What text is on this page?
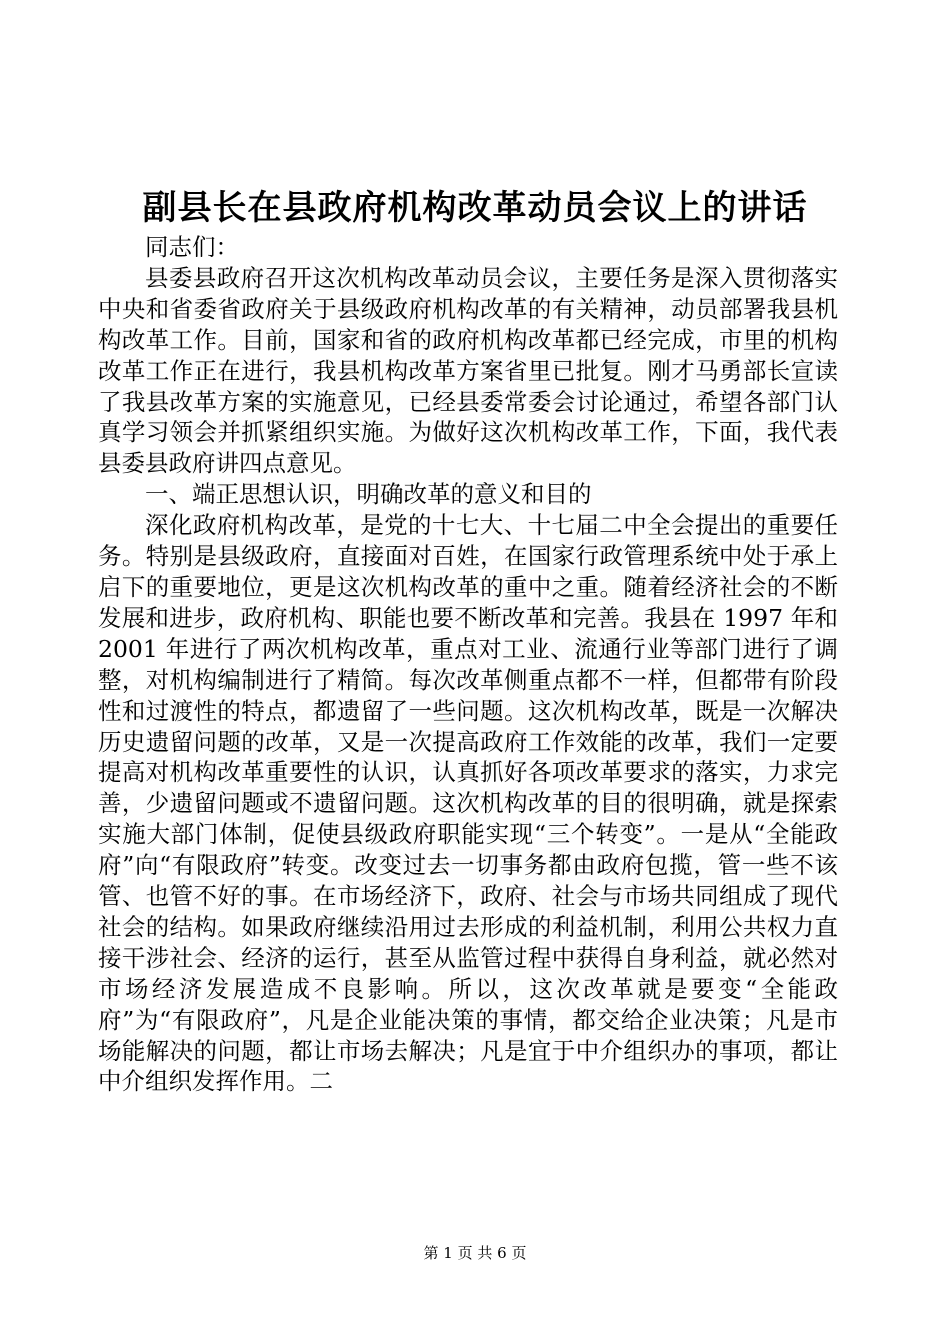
副县长在县政府机构改革动员会议上的讲话

同志们：

县委县政府召开这次机构改革动员会议，主要任务是深入贯彻落实中央和省委省政府关于县级政府机构改革的有关精神，动员部署我县机构改革工作。目前，国家和省的政府机构改革都已经完成，市里的机构改革工作正在进行，我县机构改革方案省里已批复。刚才马勇部长宣读了我县改革方案的实施意见，已经县委常委会讨论通过，希望各部门认真学习领会并抓紧组织实施。为做好这次机构改革工作，下面，我代表县委县政府讲四点意见。

一、端正思想认识，明确改革的意义和目的

深化政府机构改革，是党的十七大、十七届二中全会提出的重要任务。特别是县级政府，直接面对百姓，在国家行政管理系统中处于承上启下的重要地位，更是这次机构改革的重中之重。随着经济社会的不断发展和进步，政府机构、职能也要不断改革和完善。我县在 1997 年和 2001 年进行了两次机构改革，重点对工业、流通行业等部门进行了调整，对机构编制进行了精简。每次改革侧重点都不一样，但都带有阶段性和过渡性的特点，都遗留了一些问题。这次机构改革，既是一次解决历史遗留问题的改革，又是一次提高政府工作效能的改革，我们一定要提高对机构改革重要性的认识，认真抓好各项改革要求的落实，力求完善，少遗留问题或不遗留问题。这次机构改革的目的很明确，就是探索实施大部门体制，促使县级政府职能实现“三个转变”。一是从“全能政府”向“有限政府”转变。改变过去一切事务都由政府包揽，管一些不该管、也管不好的事。在市场经济下，政府、社会与市场共同组成了现代社会的结构。如果政府继续沿用过去形成的利益机制，利用公共权力直接干涉社会、经济的运行，甚至从监管过程中获得自身利益，就必然对市场经济发展造成不良影响。所以，这次改革就是要变“全能政府”为“有限政府”，凡是企业能决策的事情，都交给企业决策；凡是市场能解决的问题，都让市场去解决；凡是宜于中介组织办的事项，都让中介组织发挥作用。二

第 1 页 共 6 页
